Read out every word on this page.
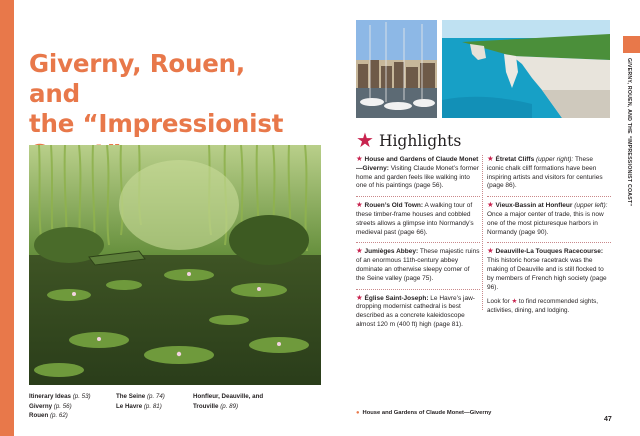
Giverny, Rouen, and
the “Impressionist

Itinerary Ideas (p. 53)
Giverny (p. 56)
Rouen (p. 62)
The Seine (p. 74)
Le Havre (p. 81)
Honfleur, Deauville, and Trouville (p. 89)
GIVERNY, ROUEN, AND THE “IMPRESSIONIST COAST”
★ Highlights
★ House and Gardens of Claude Monet—Giverny: Visiting Claude Monet’s former home and garden feels like walking into one of his paintings (page 56).
★ Rouen’s Old Town: A walking tour of these timber-frame houses and cobbled streets allows a glimpse into Normandy’s medieval past (page 66).
★ Jumièges Abbey: These majestic ruins of an enormous 11th-century abbey dominate an otherwise sleepy corner of the Seine valley (page 75).
★ Église Saint-Joseph: Le Havre’s jaw-dropping modernist cathedral is best described as a concrete kaleidoscope almost 120 m (400 ft) high (page 81).
★ Étretat Cliffs (upper right): These iconic chalk cliff formations have been inspiring artists and visitors for centuries (page 86).
★ Vieux-Bassin at Honfleur (upper left): Once a major center of trade, this is now one of the most picturesque harbors in Normandy (page 90).
★ Deauville-La Touques Racecourse: This historic horse racetrack was the making of Deauville and is still flocked to by members of French high society (page 96).
Look for ★ to find recommended sights, activities, dining, and lodging.
● House and Gardens of Claude Monet—Giverny
47
